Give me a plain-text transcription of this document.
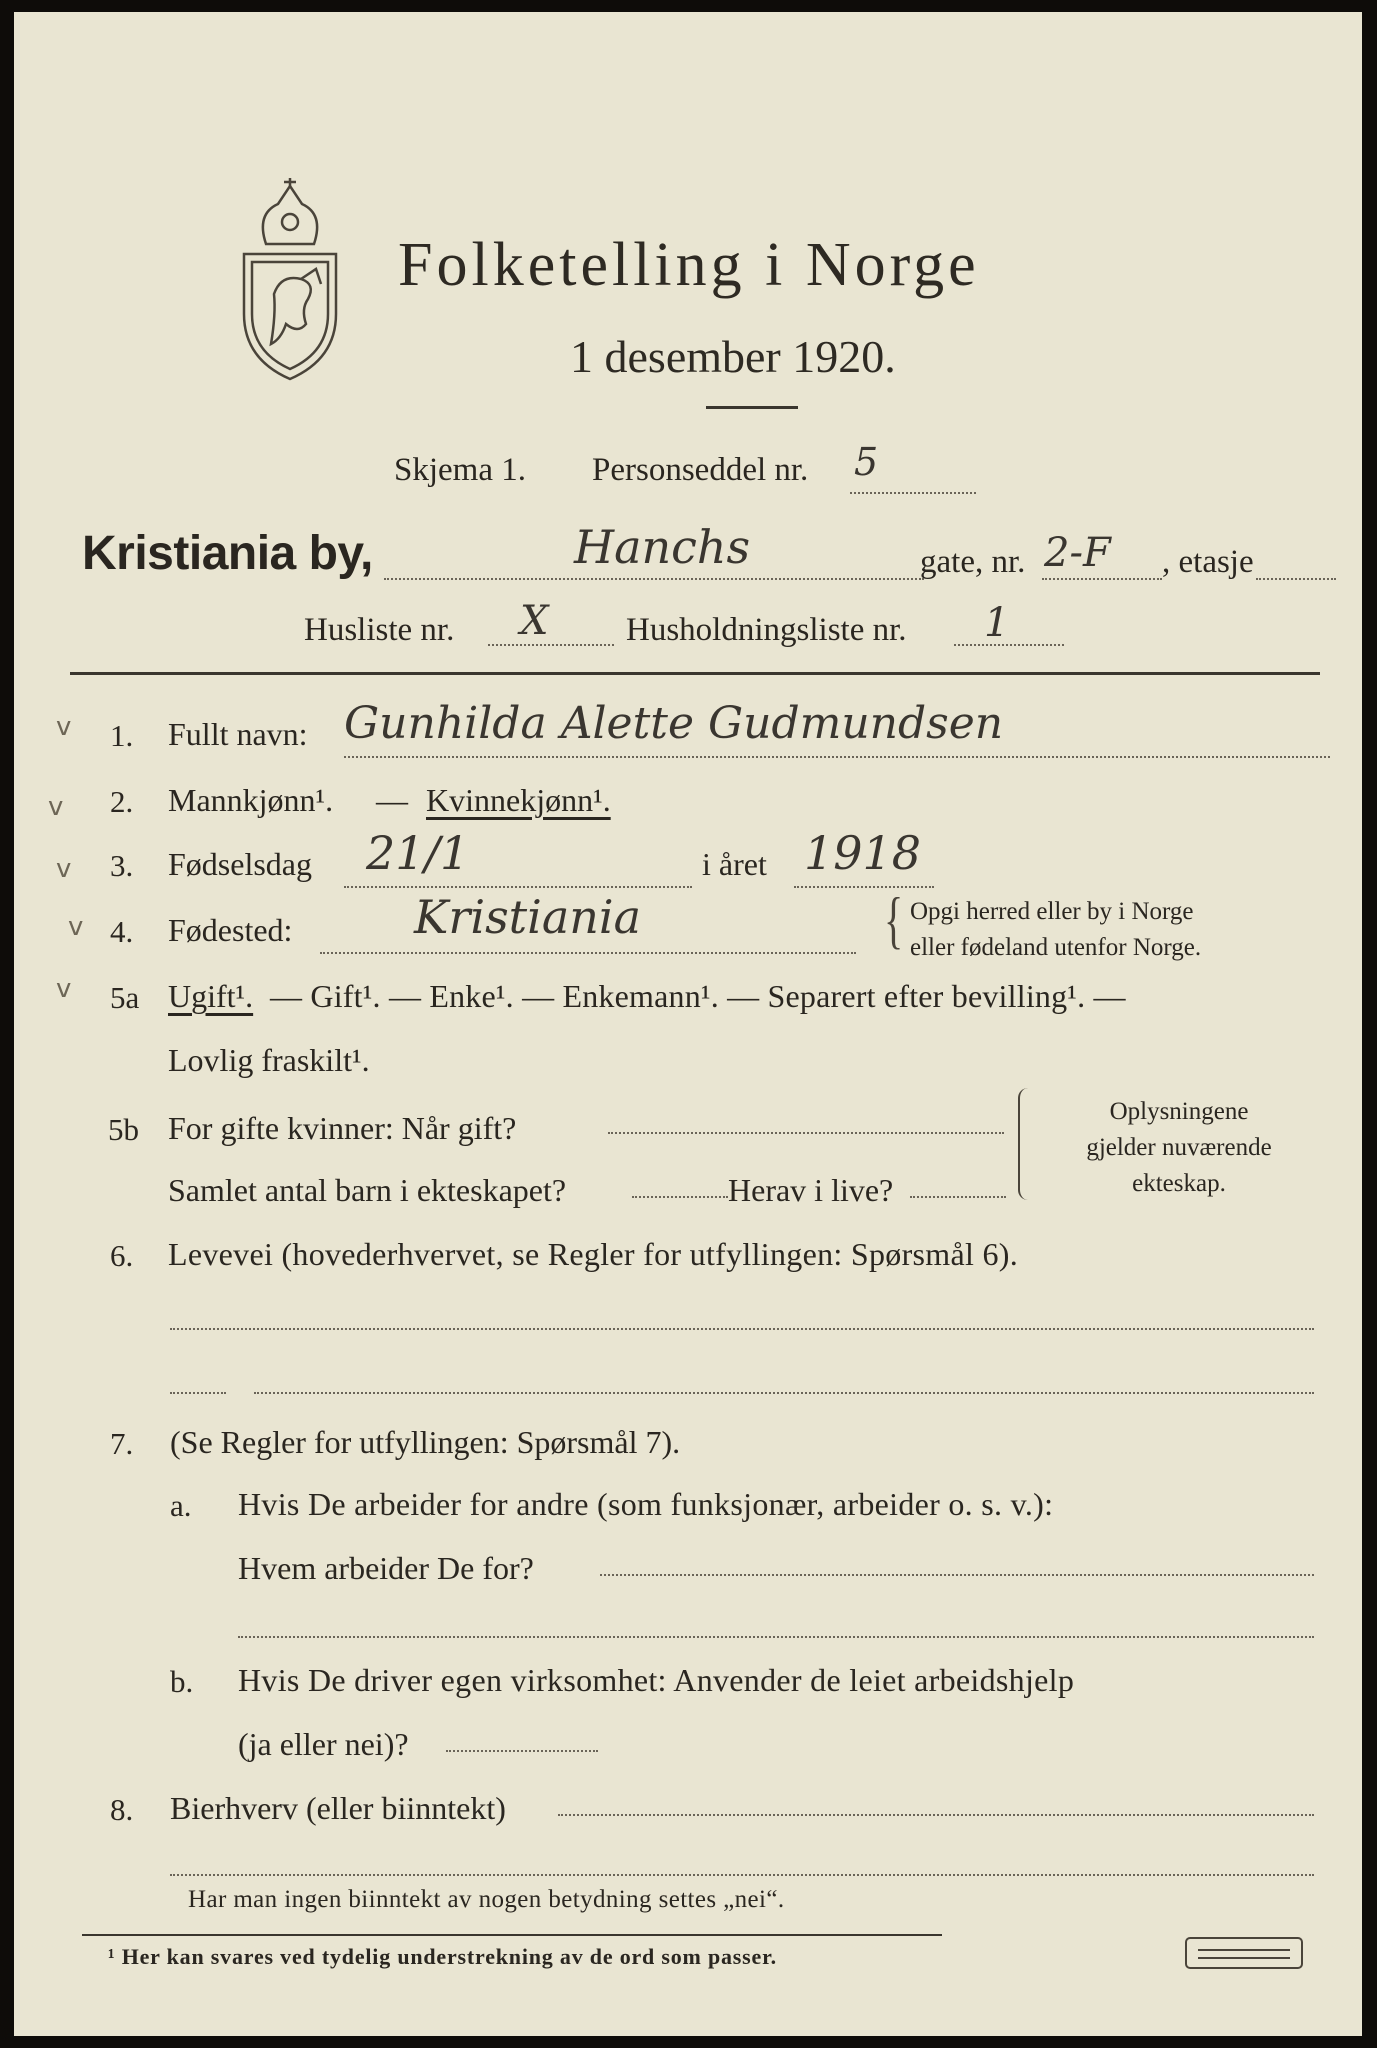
Folketelling i Norge
1 desember 1920.
Skjema 1. Personseddel nr. 5
Kristiania by,	Hanchs	gate, nr. 2-F , etasje
Husliste nr. X Husholdningsliste nr. 1
v
v
v
v
v
1. Fullt navn: Gunhilda Alette Gudmundsen
2. Mannkjønn¹. — Kvinnekjønn¹.
3. Fødselsdag 21/1	i året 1918
4. Fødested:	Kristiania	{ Opgi herred eller by i Norge
eller fødeland utenfor Norge.
5a Ugift¹. — Gift¹. — Enke¹. — Enkemann¹. — Separert efter bevilling¹. —
Lovlig fraskilt¹.
5b For gifte kvinner: Når gift?
Samlet antal barn i ekteskapet?	Herav i live?
Oplysningene
gjelder nuværende
ekteskap.
6. Levevei (hovederhvervet, se Regler for utfyllingen: Spørsmål 6).
7. (Se Regler for utfyllingen: Spørsmål 7).
a. Hvis De arbeider for andre (som funksjonær, arbeider o. s. v.):
Hvem arbeider De for?
b. Hvis De driver egen virksomhet: Anvender de leiet arbeidshjelp
(ja eller nei)?
8. Bierhverv (eller biinntekt)
Har man ingen biinntekt av nogen betydning settes „nei“.
¹ Her kan svares ved tydelig understrekning av de ord som passer.
